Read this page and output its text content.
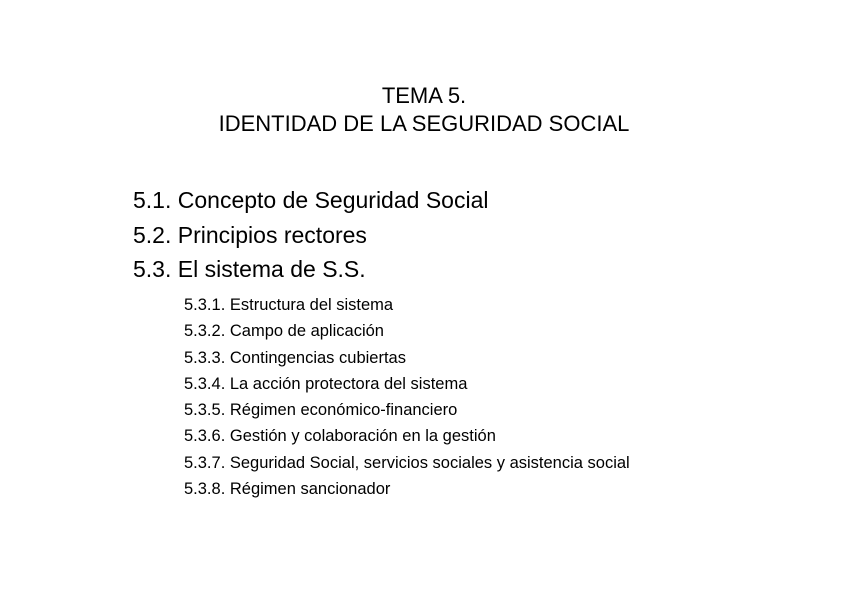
TEMA 5.
IDENTIDAD DE LA SEGURIDAD SOCIAL
5.1. Concepto de Seguridad Social
5.2. Principios rectores
5.3. El sistema de S.S.
5.3.1. Estructura del sistema
5.3.2. Campo de aplicación
5.3.3. Contingencias cubiertas
5.3.4. La acción protectora del sistema
5.3.5. Régimen económico-financiero
5.3.6. Gestión y colaboración en la gestión
5.3.7. Seguridad Social, servicios sociales y asistencia social
5.3.8. Régimen sancionador
